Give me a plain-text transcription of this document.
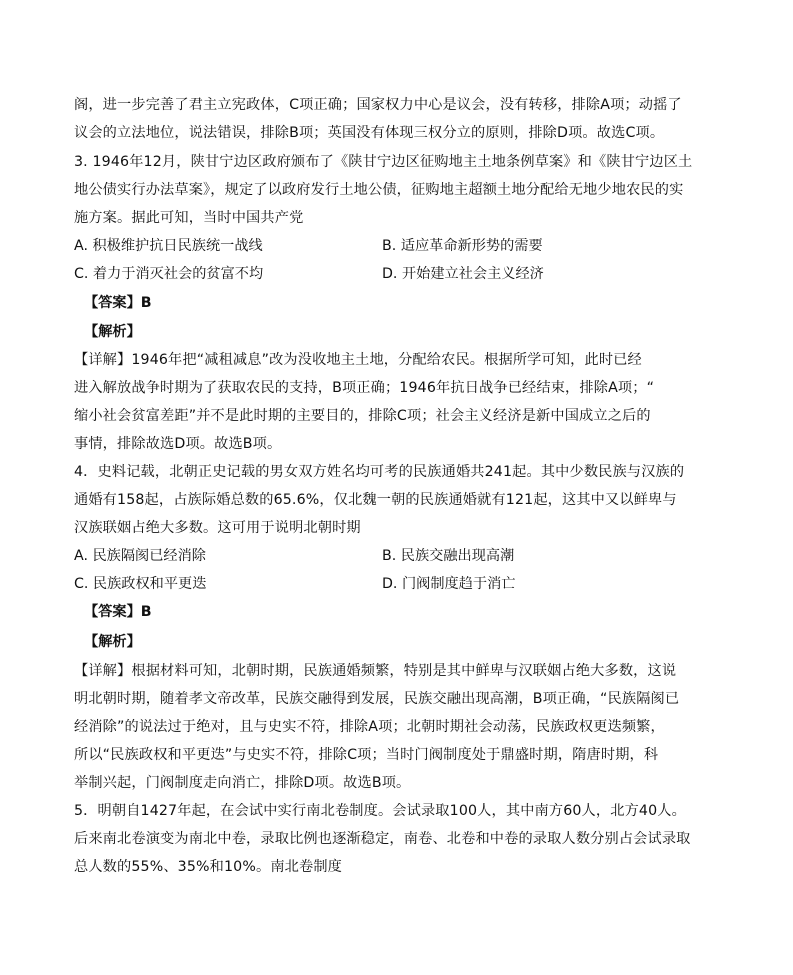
阁，进一步完善了君主立宪政体，C项正确；国家权力中心是议会，没有转移，排除A项；动摇了
议会的立法地位，说法错误，排除B项；英国没有体现三权分立的原则，排除D项。故选C项。
3. 1946年12月，陕甘宁边区政府颁布了《陕甘宁边区征购地主土地条例草案》和《陕甘宁边区土
地公债实行办法草案》，规定了以政府发行土地公债，征购地主超额土地分配给无地少地农民的实
施方案。据此可知，当时中国共产党
A. 积极维护抗日民族统一战线	B. 适应革命新形势的需要
C. 着力于消灭社会的贫富不均	D. 开始建立社会主义经济
【答案】B
【解析】
【详解】1946年把“减租减息”改为没收地主土地，分配给农民。根据所学可知，此时已经
进入解放战争时期为了获取农民的支持，B项正确；1946年抗日战争已经结束，排除A项；“
缩小社会贫富差距”并不是此时期的主要目的，排除C项；社会主义经济是新中国成立之后的
事情，排除故选D项。故选B项。
4．史料记载，北朝正史记载的男女双方姓名均可考的民族通婚共241起。其中少数民族与汉族的
通婚有158起，占族际婚总数的65.6%，仅北魏一朝的民族通婚就有121起，这其中又以鲜卑与
汉族联姻占绝大多数。这可用于说明北朝时期
A. 民族隔阂已经消除	B. 民族交融出现高潮
C. 民族政权和平更迭	D. 门阀制度趋于消亡
【答案】B
【解析】
【详解】根据材料可知，北朝时期，民族通婚频繁，特别是其中鲜卑与汉联姻占绝大多数，这说
明北朝时期，随着孝文帝改革，民族交融得到发展，民族交融出现高潮，B项正确，“民族隔阂已
经消除”的说法过于绝对，且与史实不符，排除A项；北朝时期社会动荡，民族政权更迭频繁，
所以“民族政权和平更迭”与史实不符，排除C项；当时门阀制度处于鼎盛时期，隋唐时期，科
举制兴起，门阀制度走向消亡，排除D项。故选B项。
5．明朝自1427年起，在会试中实行南北卷制度。会试录取100人，其中南方60人，北方40人。
后来南北卷演变为南北中卷，录取比例也逐渐稳定，南卷、北卷和中卷的录取人数分别占会试录取
总人数的55%、35%和10%。南北卷制度
